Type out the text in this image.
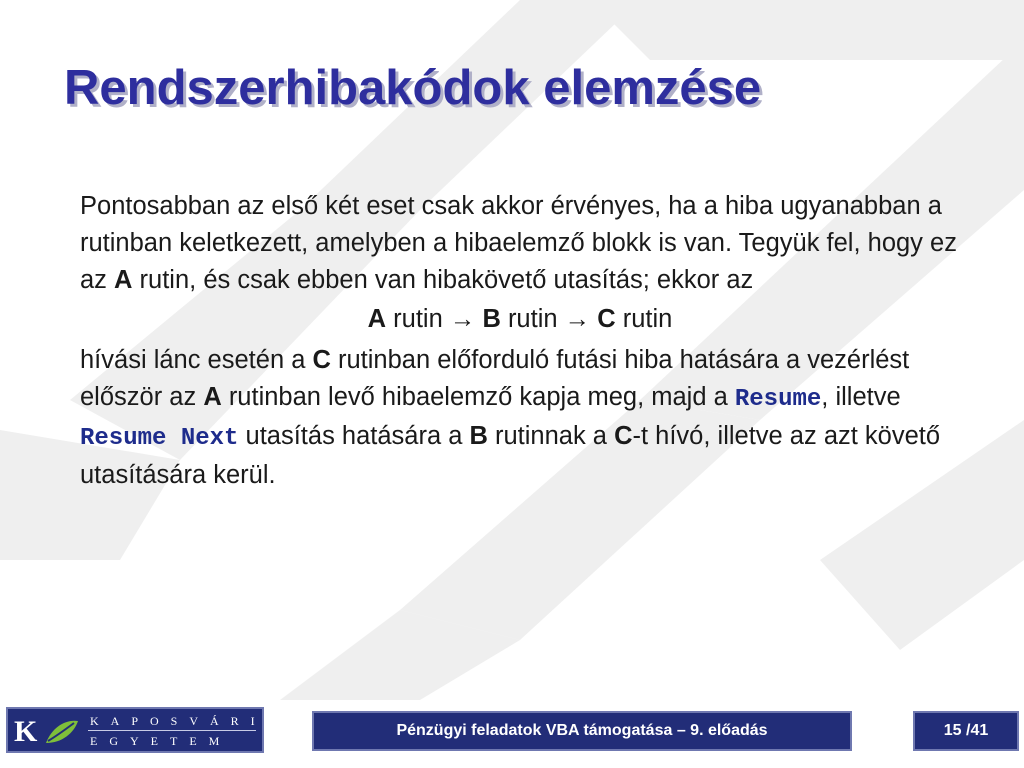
Rendszerhibakódok elemzése

Pontosabban az első két eset csak akkor érvényes, ha a hiba ugyanabban a rutinban keletkezett, amelyben a hibaelemző blokk is van. Tegyük fel, hogy ez az A rutin, és csak ebben van hibakövető utasítás; ekkor az

A rutin → B rutin → C rutin

hívási lánc esetén a C rutinban előforduló futási hiba hatására a vezérlést először az A rutinban levő hibaelemző kapja meg, majd a Resume, illetve Resume Next utasítás hatására a B rutinnak a C-t hívó, illetve az azt követő utasítására kerül.

K	KAPOSVÁRI
EGYETEM
Pénzügyi feladatok VBA támogatása – 9. előadás	15 /41
